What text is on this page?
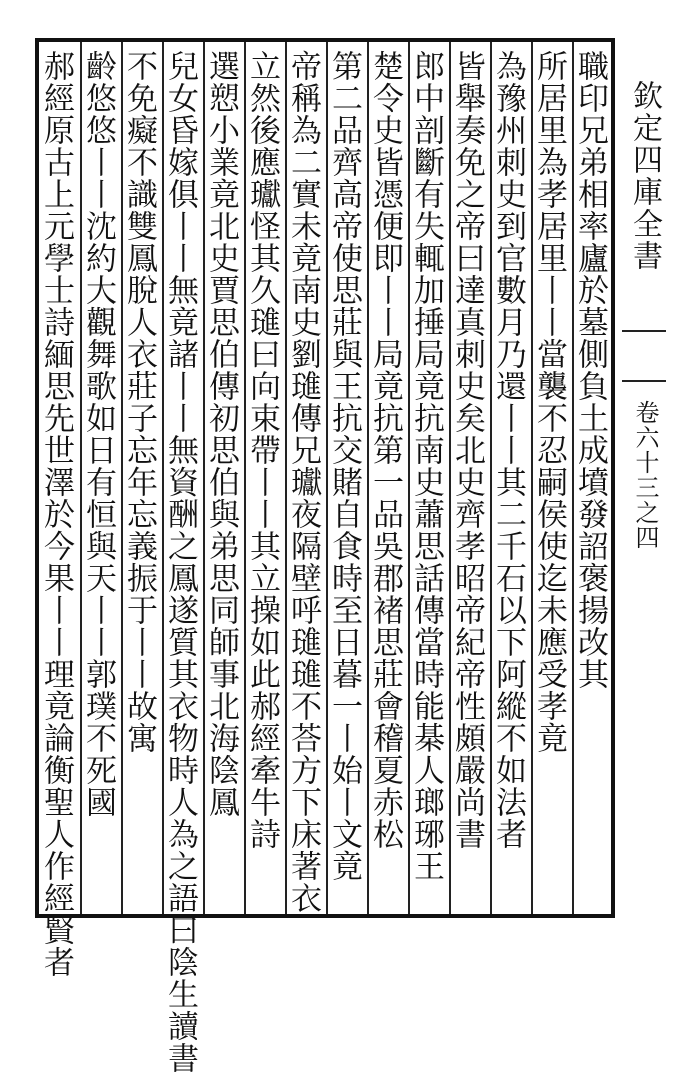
職印兄弟相率廬於墓側負土成墳發詔褒揚改其
所居里為孝居里丨丨當襲不忍嗣侯使迄未應受孝竟
為豫州刺史到官數月乃還丨丨其二千石以下阿縱不如法者
皆舉奏免之帝曰達真刺史矣北史齊孝昭帝紀帝性頗嚴尚書
郎中剖斷有失輒加捶局竟抗南史蕭思話傳當時能棊人瑯琊王
楚令史皆憑便即丨丨局竟抗第一品吳郡褚思莊會稽夏赤松
第二品齊高帝使思莊與王抗交賭自食時至日暮一丨始丨文竟
帝稱為二實未竟南史劉璡傳兄瓛夜隔壁呼璡璡不荅方下床著衣
立然後應瓛怪其久璡曰向束帶丨丨其立操如此郝經牽牛詩
選愬小業竟北史賈思伯傳初思伯與弟思同師事北海陰鳳
兒女昏嫁俱丨丨無竟諸丨丨無資酬之鳳遂質其衣物時人為之語曰陰生讀書
不免癡不識雙鳳脫人衣莊子忘年忘義振于丨丨故寓
齡悠悠丨丨沈約大觀舞歌如日有恒與天丨丨郭璞不死國
郝經原古上元學士詩緬思先世澤於今果丨丨理竟論衡聖人作經賢者	欽定四庫全書
卷六十三之四
